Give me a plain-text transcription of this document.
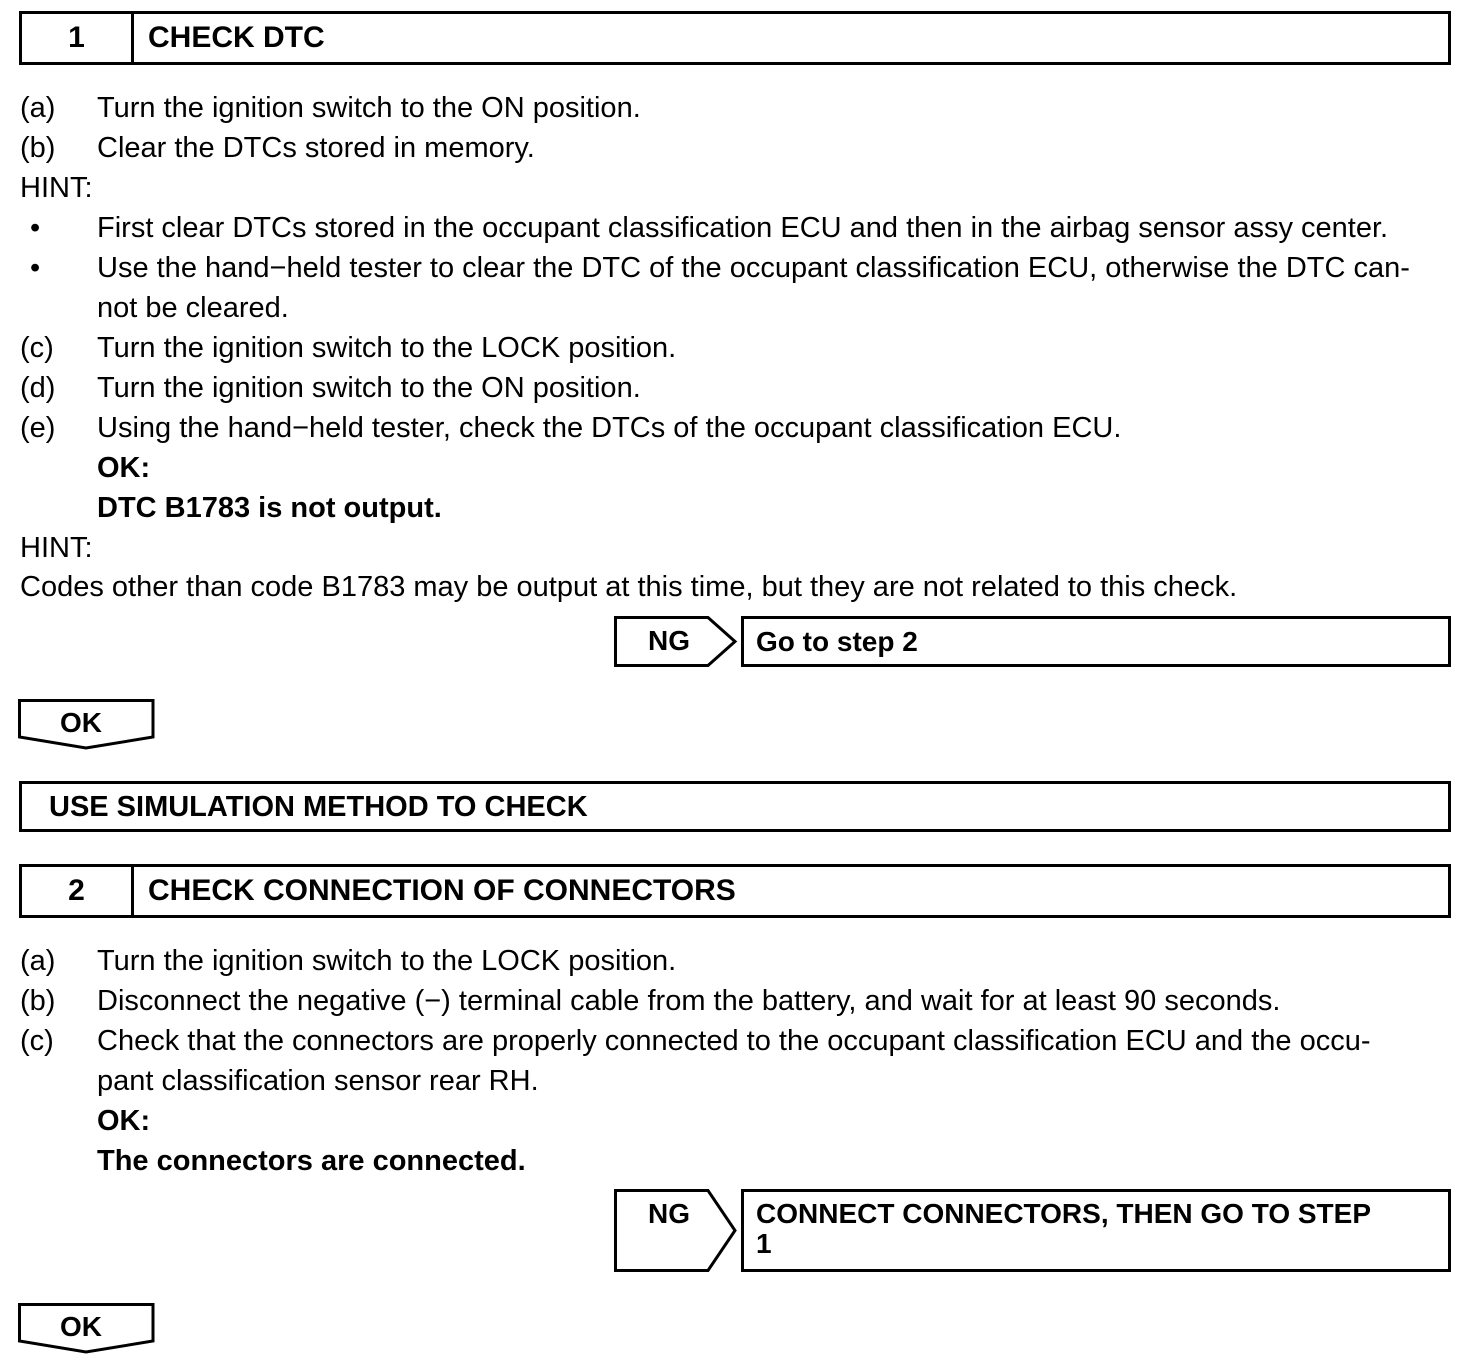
1	CHECK DTC
(a) Turn the ignition switch to the ON position.
(b) Clear the DTCs stored in memory.
HINT:
• First clear DTCs stored in the occupant classification ECU and then in the airbag sensor assy center.
• Use the hand−held tester to clear the DTC of the occupant classification ECU, otherwise the DTC can-
not be cleared.
(c) Turn the ignition switch to the LOCK position.
(d) Turn the ignition switch to the ON position.
(e) Using the hand−held tester, check the DTCs of the occupant classification ECU.
OK:
DTC B1783 is not output.
HINT:
Codes other than code B1783 may be output at this time, but they are not related to this check.
NG	Go to step 2
OK
USE SIMULATION METHOD TO CHECK
2	CHECK CONNECTION OF CONNECTORS
(a) Turn the ignition switch to the LOCK position.
(b) Disconnect the negative (−) terminal cable from the battery, and wait for at least 90 seconds.
(c) Check that the connectors are properly connected to the occupant classification ECU and the occu-
pant classification sensor rear RH.
OK:
The connectors are connected.
NG CONNECT CONNECTORS, THEN GO TO STEP
1
OK
